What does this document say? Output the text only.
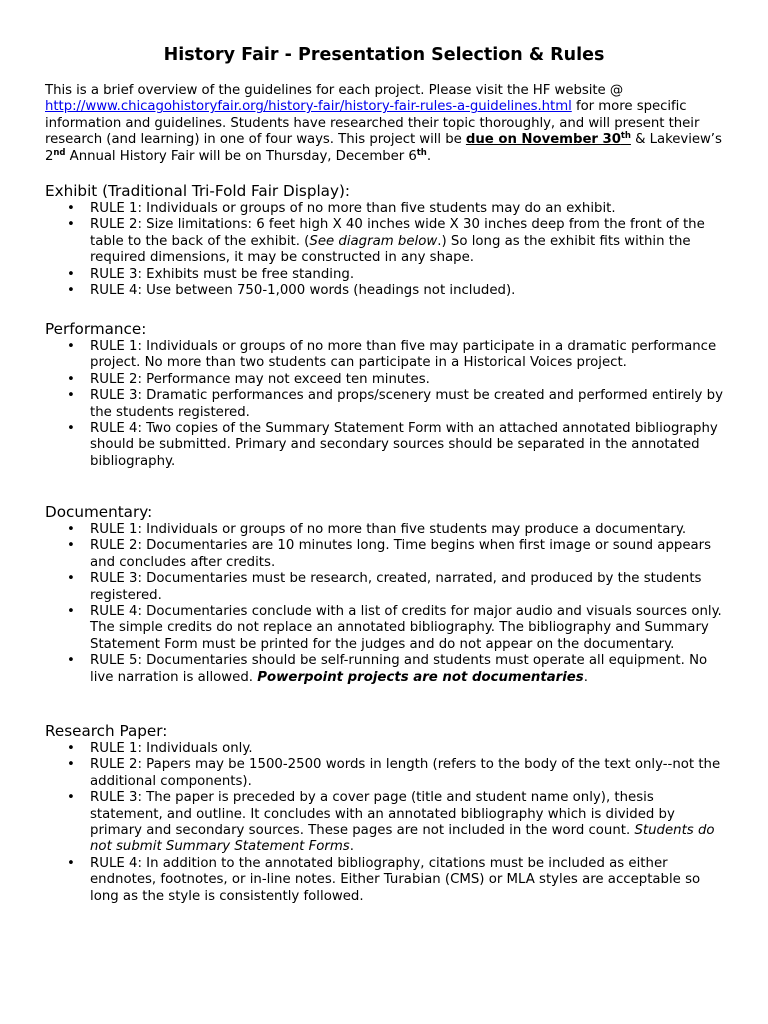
History Fair - Presentation Selection & Rules
This is a brief overview of the guidelines for each project. Please visit the HF website @ http://www.chicagohistoryfair.org/history-fair/history-fair-rules-a-guidelines.html for more specific information and guidelines. Students have researched their topic thoroughly, and will present their research (and learning) in one of four ways. This project will be due on November 30th & Lakeview’s 2nd Annual History Fair will be on Thursday, December 6th.
Exhibit (Traditional Tri-Fold Fair Display):
• RULE 1: Individuals or groups of no more than five students may do an exhibit.
• RULE 2: Size limitations: 6 feet high X 40 inches wide X 30 inches deep from the front of the table to the back of the exhibit. (See diagram below.) So long as the exhibit fits within the required dimensions, it may be constructed in any shape.
• RULE 3: Exhibits must be free standing.
• RULE 4: Use between 750-1,000 words (headings not included).
Performance:
• RULE 1: Individuals or groups of no more than five may participate in a dramatic performance project. No more than two students can participate in a Historical Voices project.
• RULE 2: Performance may not exceed ten minutes.
• RULE 3: Dramatic performances and props/scenery must be created and performed entirely by the students registered.
• RULE 4: Two copies of the Summary Statement Form with an attached annotated bibliography should be submitted. Primary and secondary sources should be separated in the annotated bibliography.
Documentary:
• RULE 1: Individuals or groups of no more than five students may produce a documentary.
• RULE 2: Documentaries are 10 minutes long. Time begins when first image or sound appears and concludes after credits.
• RULE 3: Documentaries must be research, created, narrated, and produced by the students registered.
• RULE 4: Documentaries conclude with a list of credits for major audio and visuals sources only. The simple credits do not replace an annotated bibliography. The bibliography and Summary Statement Form must be printed for the judges and do not appear on the documentary.
• RULE 5: Documentaries should be self-running and students must operate all equipment. No live narration is allowed. Powerpoint projects are not documentaries.
Research Paper:
• RULE 1: Individuals only.
• RULE 2: Papers may be 1500-2500 words in length (refers to the body of the text only--not the additional components).
• RULE 3: The paper is preceded by a cover page (title and student name only), thesis statement, and outline. It concludes with an annotated bibliography which is divided by primary and secondary sources. These pages are not included in the word count. Students do not submit Summary Statement Forms.
• RULE 4: In addition to the annotated bibliography, citations must be included as either endnotes, footnotes, or in-line notes. Either Turabian (CMS) or MLA styles are acceptable so long as the style is consistently followed.
